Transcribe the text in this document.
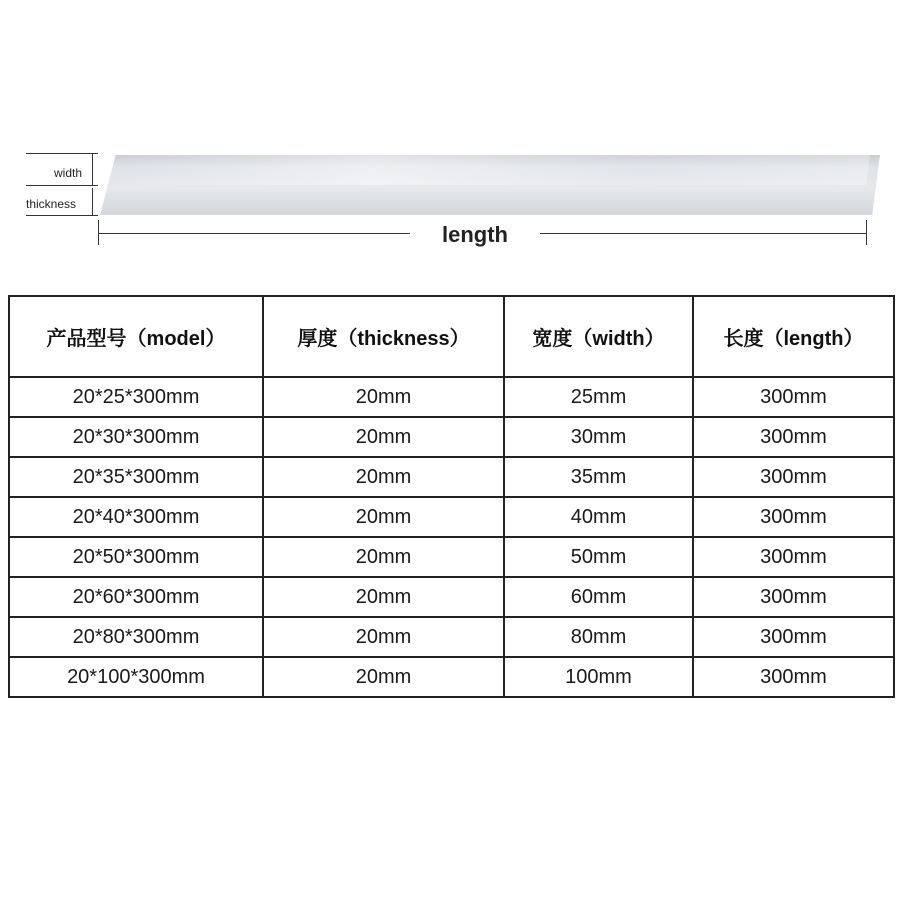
width
thickness
length
产品型号（model）	厚度（thickness）	宽度（width）	长度（length）
20*25*300mm	20mm	25mm	300mm
20*30*300mm	20mm	30mm	300mm
20*35*300mm	20mm	35mm	300mm
20*40*300mm	20mm	40mm	300mm
20*50*300mm	20mm	50mm	300mm
20*60*300mm	20mm	60mm	300mm
20*80*300mm	20mm	80mm	300mm
20*100*300mm	20mm	100mm	300mm
